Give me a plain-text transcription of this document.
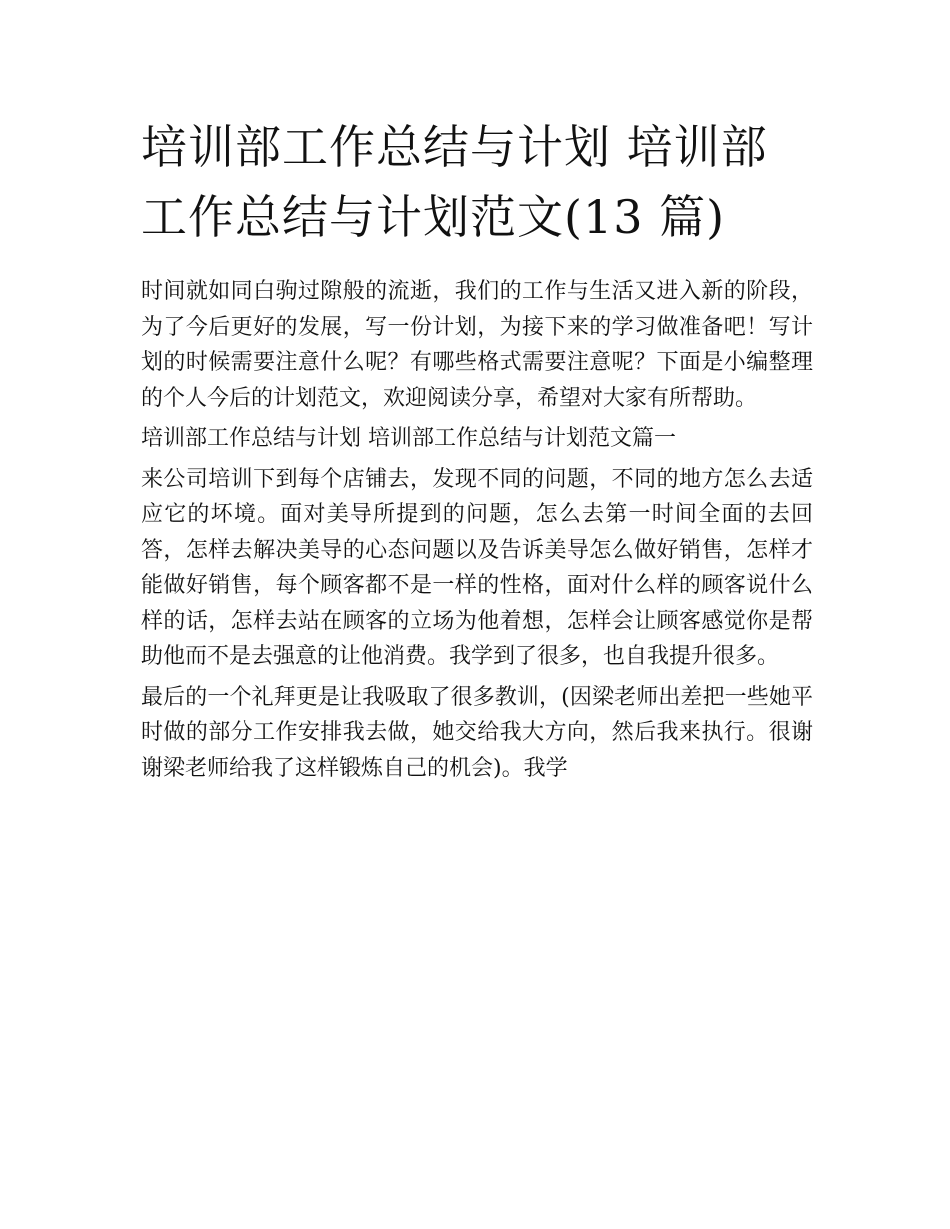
培训部工作总结与计划 培训部工作总结与计划范文(13 篇)

时间就如同白驹过隙般的流逝，我们的工作与生活又进入新的阶段，为了今后更好的发展，写一份计划，为接下来的学习做准备吧！写计划的时候需要注意什么呢？有哪些格式需要注意呢？下面是小编整理的个人今后的计划范文，欢迎阅读分享，希望对大家有所帮助。

培训部工作总结与计划 培训部工作总结与计划范文篇一

来公司培训下到每个店铺去，发现不同的问题，不同的地方怎么去适应它的坏境。面对美导所提到的问题，怎么去第一时间全面的去回答，怎样去解决美导的心态问题以及告诉美导怎么做好销售，怎样才能做好销售，每个顾客都不是一样的性格，面对什么样的顾客说什么样的话，怎样去站在顾客的立场为他着想，怎样会让顾客感觉你是帮助他而不是去强意的让他消费。我学到了很多，也自我提升很多。

最后的一个礼拜更是让我吸取了很多教训，(因梁老师出差把一些她平时做的部分工作安排我去做，她交给我大方向，然后我来执行。很谢谢梁老师给我了这样锻炼自己的机会)。我学
